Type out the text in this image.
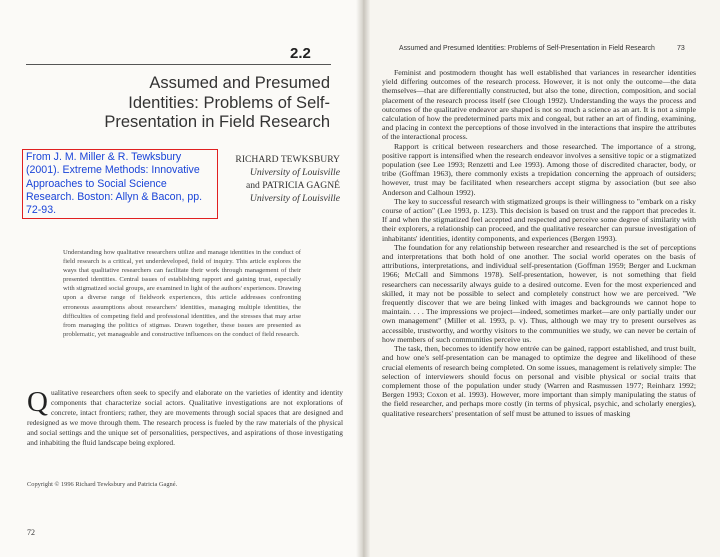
2.2
Assumed and Presumed
Identities: Problems of Self-
Presentation in Field Research
From J. M. Miller & R. Tewksbury (2001). Extreme Methods: Innovative Approaches to Social Science Research. Boston: Allyn & Bacon, pp. 72-93.
RICHARD TEWKSBURY
University of Louisville
and PATRICIA GAGNÉ
University of Louisville
Understanding how qualitative researchers utilize and manage identities in the conduct of field research is a critical, yet underdeveloped, field of inquiry. This article explores the ways that qualitative researchers can facilitate their work through management of their presented identities. Central issues of establishing rapport and gaining trust, especially with stigmatized social groups, are examined in light of the authors' experiences. Drawing upon a diverse range of fieldwork experiences, this article addresses confronting erroneous assumptions about researchers' identities, managing multiple identities, the difficulties of competing field and professional identities, and the stresses that may arise from managing the politics of stigmas. Drawn together, these issues are presented as problematic, yet manageable and constructive influences on the conduct of field research.
Qualitative researchers often seek to specify and elaborate on the varieties of identity and identity components that characterize social actors. Qualitative investigations are not explorations of concrete, intact frontiers; rather, they are movements through social spaces that are designed and redesigned as we move through them. The research process is fueled by the raw materials of the physical and social settings and the unique set of personalities, perspectives, and aspirations of those investigating and inhabiting the fluid landscape being explored.
Copyright © 1996 Richard Tewksbury and Patricia Gagné.
72
Assumed and Presumed Identities: Problems of Self-Presentation in Field Research	73

Feminist and postmodern thought has well established that variances in researcher identities yield differing outcomes of the research process. However, it is not only the outcome—the data themselves—that are differentially constructed, but also the tone, direction, composition, and social placement of the research process itself (see Clough 1992). Understanding the ways the process and outcomes of the qualitative endeavor are shaped is not so much a science as an art. It is not a simple calculation of how the predetermined parts mix and congeal, but rather an art of finding, examining, and placing in context the perceptions of those involved in the interactions that inspire the attributes of the interactional process.

Rapport is critical between researchers and those researched. The importance of a strong, positive rapport is intensified when the research endeavor involves a sensitive topic or a stigmatized population (see Lee 1993; Renzetti and Lee 1993). Among those of discredited character, body, or tribe (Goffman 1963), there commonly exists a trepidation concerning the approach of outsiders; however, trust may be facilitated when researchers accept stigma by association (but see also Anderson and Calhoun 1992).

The key to successful research with stigmatized groups is their willingness to "embark on a risky course of action" (Lee 1993, p. 123). This decision is based on trust and the rapport that precedes it. If and when the stigmatized feel accepted and respected and perceive some degree of similarity with their explorers, a relationship can proceed, and the qualitative researcher can pursue investigation of inhabitants' identities, identity components, and experiences (Bergen 1993).

The foundation for any relationship between researcher and researched is the set of perceptions and interpretations that both hold of one another. The social world operates on the basis of attributions, interpretations, and individual self-presentation (Goffman 1959; Berger and Luckman 1966; McCall and Simmons 1978). Self-presentation, however, is not something that field researchers can necessarily always guide to a desired outcome. Even for the most experienced and skilled, it may not be possible to select and completely construct how we are perceived. "We frequently discover that we are being linked with images and backgrounds we cannot hope to maintain. . . . The impressions we project—indeed, sometimes market—are only partially under our own management" (Miller et al. 1993, p. v). Thus, although we may try to present ourselves as accessible, trustworthy, and worthy visitors to the communities we study, we can never be certain of how members of such communities perceive us.

The task, then, becomes to identify how entrée can be gained, rapport established, and trust built, and how one's self-presentation can be managed to optimize the degree and likelihood of these crucial elements of research being completed. On some issues, management is relatively simple: The selection of interviewers should focus on personal and visible physical or social traits that complement those of the population under study (Warren and Rasmussen 1977; Reinharz 1992; Bergen 1993; Coxon et al. 1993). However, more important than simply manipulating the status of the field researcher, and perhaps more costly (in terms of physical, psychic, and scholarly energies), qualitative researchers' presentation of self must be attuned to issues of masking
